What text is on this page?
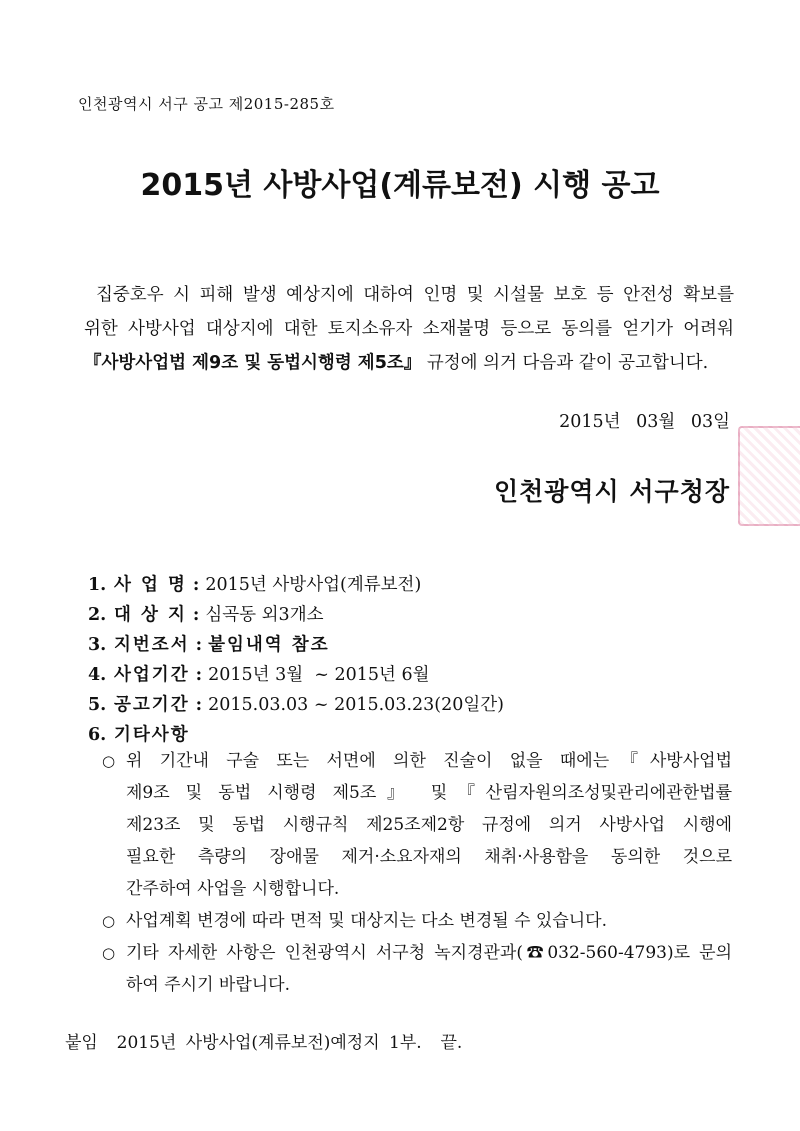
인천광역시 서구 공고 제2015-285호
2015년 사방사업(계류보전) 시행 공고

집중호우 시 피해 발생 예상지에 대하여 인명 및 시설물 보호 등 안전성 확보를

위한 사방사업 대상지에 대한 토지소유자 소재불명 등으로 동의를 얻기가 어려워

『사방사업법 제9조 및 동법시행령 제5조』 규정에 의거 다음과 같이 공고합니다.

2015년 03월 03일
인천광역시 서구청장
1. 사 업 명 : 2015년 사방사업(계류보전)
2. 대 상 지 : 심곡동 외3개소
3. 지번조서 : 붙임내역 참조
4. 사업기간 : 2015년 3월  ~ 2015년 6월
5. 공고기간 : 2015.03.03 ~ 2015.03.23(20일간)
6. 기타사항
○ 위 기간내 구술 또는 서면에 의한 진술이 없을 때에는『사방사업법

제9조 및 동법 시행령 제5조』 및『산림자원의조성및관리에관한법률

제23조 및 동법 시행규칙 제25조제2항 규정에 의거 사방사업 시행에

필요한 측량의 장애물 제거·소요자재의 채취·사용함을 동의한 것으로

간주하여 사업을 시행합니다.

○ 사업계획 변경에 따라 면적 및 대상지는 다소 변경될 수 있습니다.

○ 기타 자세한 사항은 인천광역시 서구청 녹지경관과(☎032-560-4793)로 문의

하여 주시기 바랍니다.

붙임  2015년 사방사업(계류보전)예정지 1부.  끝.
